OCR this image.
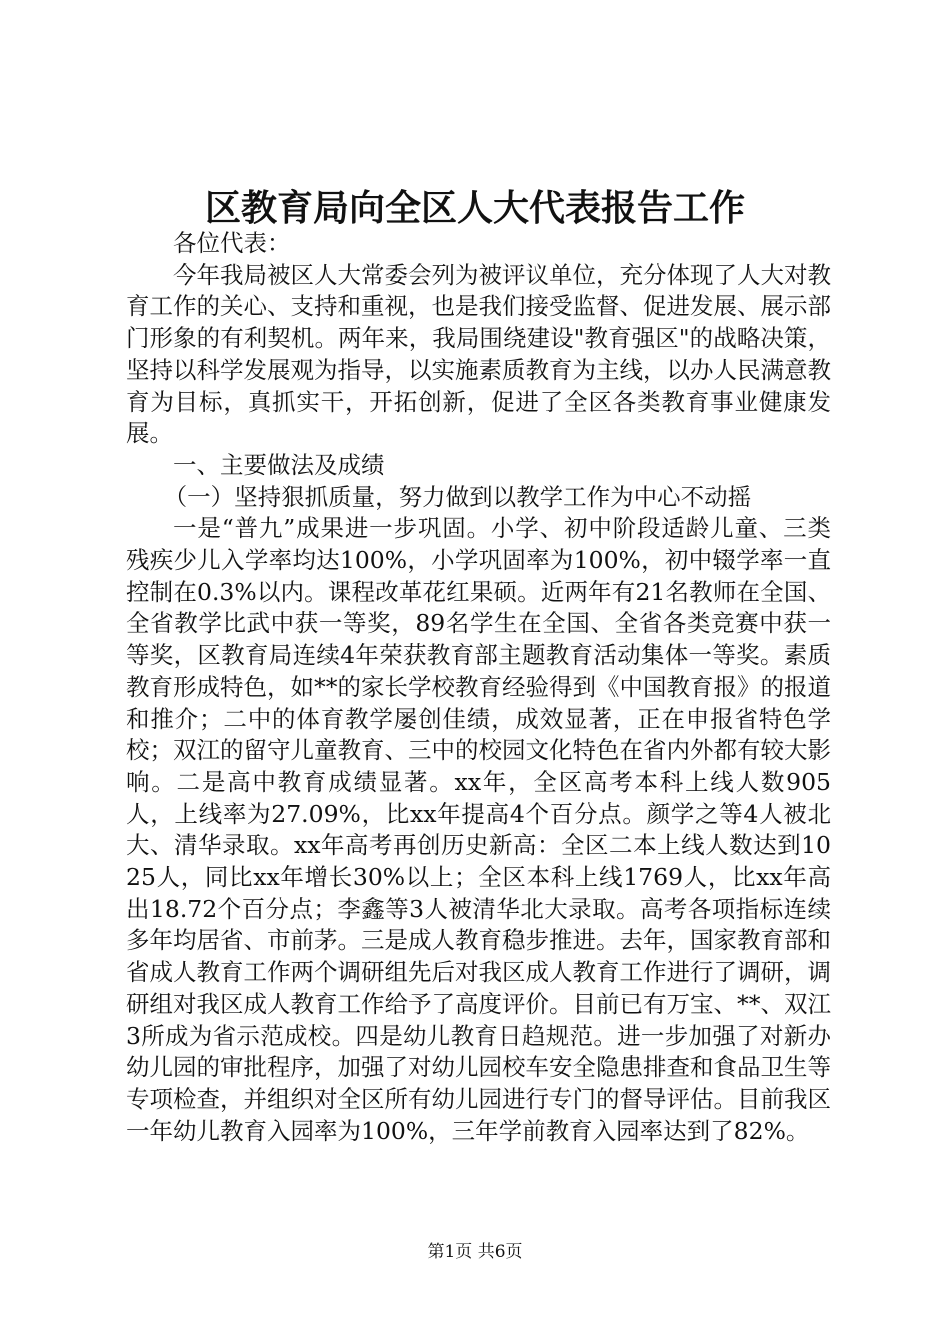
区教育局向全区人大代表报告工作

各位代表：

今年我局被区人大常委会列为被评议单位，充分体现了人大对教育工作的关心、支持和重视，也是我们接受监督、促进发展、展示部门形象的有利契机。两年来，我局围绕建设"教育强区"的战略决策，坚持以科学发展观为指导，以实施素质教育为主线，以办人民满意教育为目标，真抓实干，开拓创新，促进了全区各类教育事业健康发展。

一、主要做法及成绩

（一）坚持狠抓质量，努力做到以教学工作为中心不动摇

一是“普九”成果进一步巩固。小学、初中阶段适龄儿童、三类残疾少儿入学率均达100%，小学巩固率为100%，初中辍学率一直控制在0.3%以内。课程改革花红果硕。近两年有21名教师在全国、全省教学比武中获一等奖，89名学生在全国、全省各类竞赛中获一等奖，区教育局连续4年荣获教育部主题教育活动集体一等奖。素质教育形成特色，如**的家长学校教育经验得到《中国教育报》的报道和推介；二中的体育教学屡创佳绩，成效显著，正在申报省特色学校；双江的留守儿童教育、三中的校园文化特色在省内外都有较大影响。二是高中教育成绩显著。xx年，全区高考本科上线人数905人，上线率为27.09%，比xx年提高4个百分点。颜学之等4人被北大、清华录取。xx年高考再创历史新高：全区二本上线人数达到1025人，同比xx年增长30%以上；全区本科上线1769人，比xx年高出18.72个百分点；李鑫等3人被清华北大录取。高考各项指标连续多年均居省、市前茅。三是成人教育稳步推进。去年，国家教育部和省成人教育工作两个调研组先后对我区成人教育工作进行了调研，调研组对我区成人教育工作给予了高度评价。目前已有万宝、**、双江3所成为省示范成校。四是幼儿教育日趋规范。进一步加强了对新办幼儿园的审批程序，加强了对幼儿园校车安全隐患排查和食品卫生等专项检查，并组织对全区所有幼儿园进行专门的督导评估。目前我区一年幼儿教育入园率为100%，三年学前教育入园率达到了82%。

第1页 共6页
